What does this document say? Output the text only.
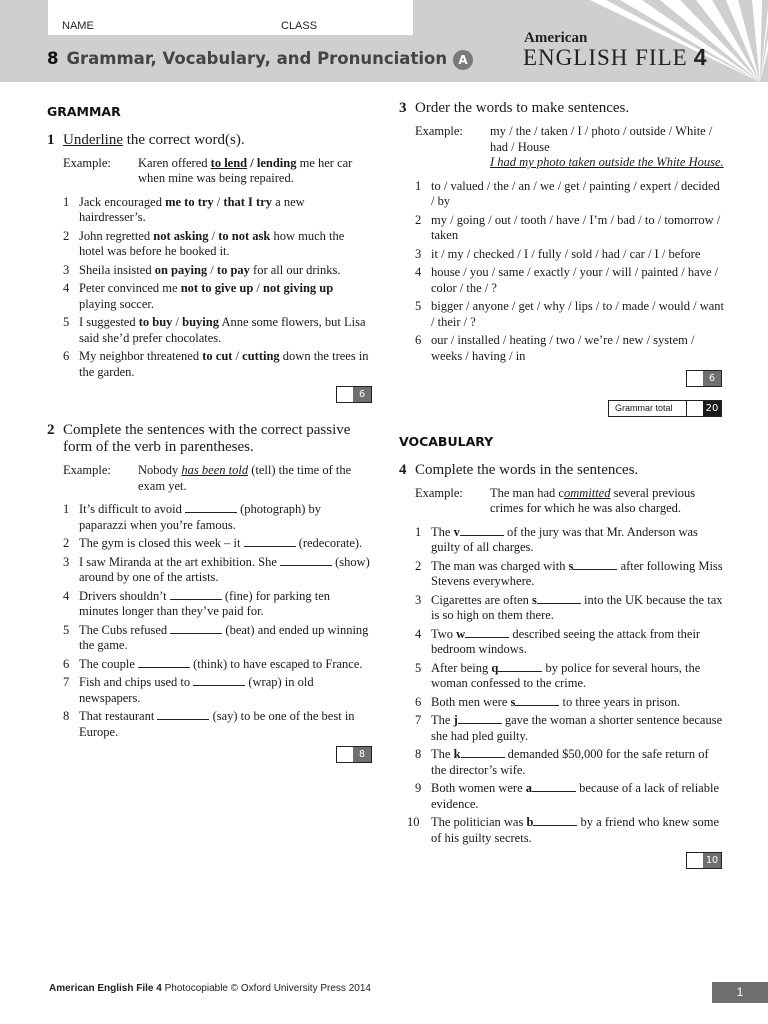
NAME	CLASS
8 Grammar, Vocabulary, and Pronunciation A
American
ENGLISH FILE 4
GRAMMAR
1 Underline the correct word(s).
Example: Karen offered to lend / lending me her car when mine was being repaired.
1 Jack encouraged me to try / that I try a new hairdresser’s.
2 John regretted not asking / to not ask how much the hotel was before he booked it.
3 Sheila insisted on paying / to pay for all our drinks.
4 Peter convinced me not to give up / not giving up playing soccer.
5 I suggested to buy / buying Anne some flowers, but Lisa said she’d prefer chocolates.
6 My neighbor threatened to cut / cutting down the trees in the garden.
6
2 Complete the sentences with the correct passive form of the verb in parentheses.
Example: Nobody has been told (tell) the time of the exam yet.
1 It’s difficult to avoid	(photograph) by paparazzi when you’re famous.
2 The gym is closed this week – it	(redecorate).
3 I saw Miranda at the art exhibition. She	(show) around by one of the artists.
4 Drivers shouldn’t	(fine) for parking ten minutes longer than they’ve paid for.
5 The Cubs refused	(beat) and ended up winning the game.
6 The couple	(think) to have escaped to France.
7 Fish and chips used to	(wrap) in old newspapers.
8 That restaurant	(say) to be one of the best in Europe.
8
3 Order the words to make sentences.
Example: my / the / taken / I / photo / outside / White / had / House
I had my photo taken outside the White House.
1 to / valued / the / an / we / get / painting / expert / decided / by
2 my / going / out / tooth / have / I’m / bad / to / tomorrow / taken
3 it / my / checked / I / fully / sold / had / car / I / before
4 house / you / same / exactly / your / will / painted / have / color / the / ?
5 bigger / anyone / get / why / lips / to / made / would / want / their / ?
6 our / installed / heating / two / we’re / new / system / weeks / having / in
6
Grammar total	20
VOCABULARY
4 Complete the words in the sentences.
Example: The man had committed several previous crimes for which he was also charged.
1 The v	of the jury was that Mr. Anderson was guilty of all charges.
2 The man was charged with s	after following Miss Stevens everywhere.
3 Cigarettes are often s	into the UK because the tax is so high on them there.
4 Two w	described seeing the attack from their bedroom windows.
5 After being q	by police for several hours, the woman confessed to the crime.
6 Both men were s	to three years in prison.
7 The j	gave the woman a shorter sentence because she had pled guilty.
8 The k	demanded $50,000 for the safe return of the director’s wife.
9 Both women were a	because of a lack of reliable evidence.
10 The politician was b	by a friend who knew some of his guilty secrets.
10
American English File 4 Photocopiable © Oxford University Press 2014	1
